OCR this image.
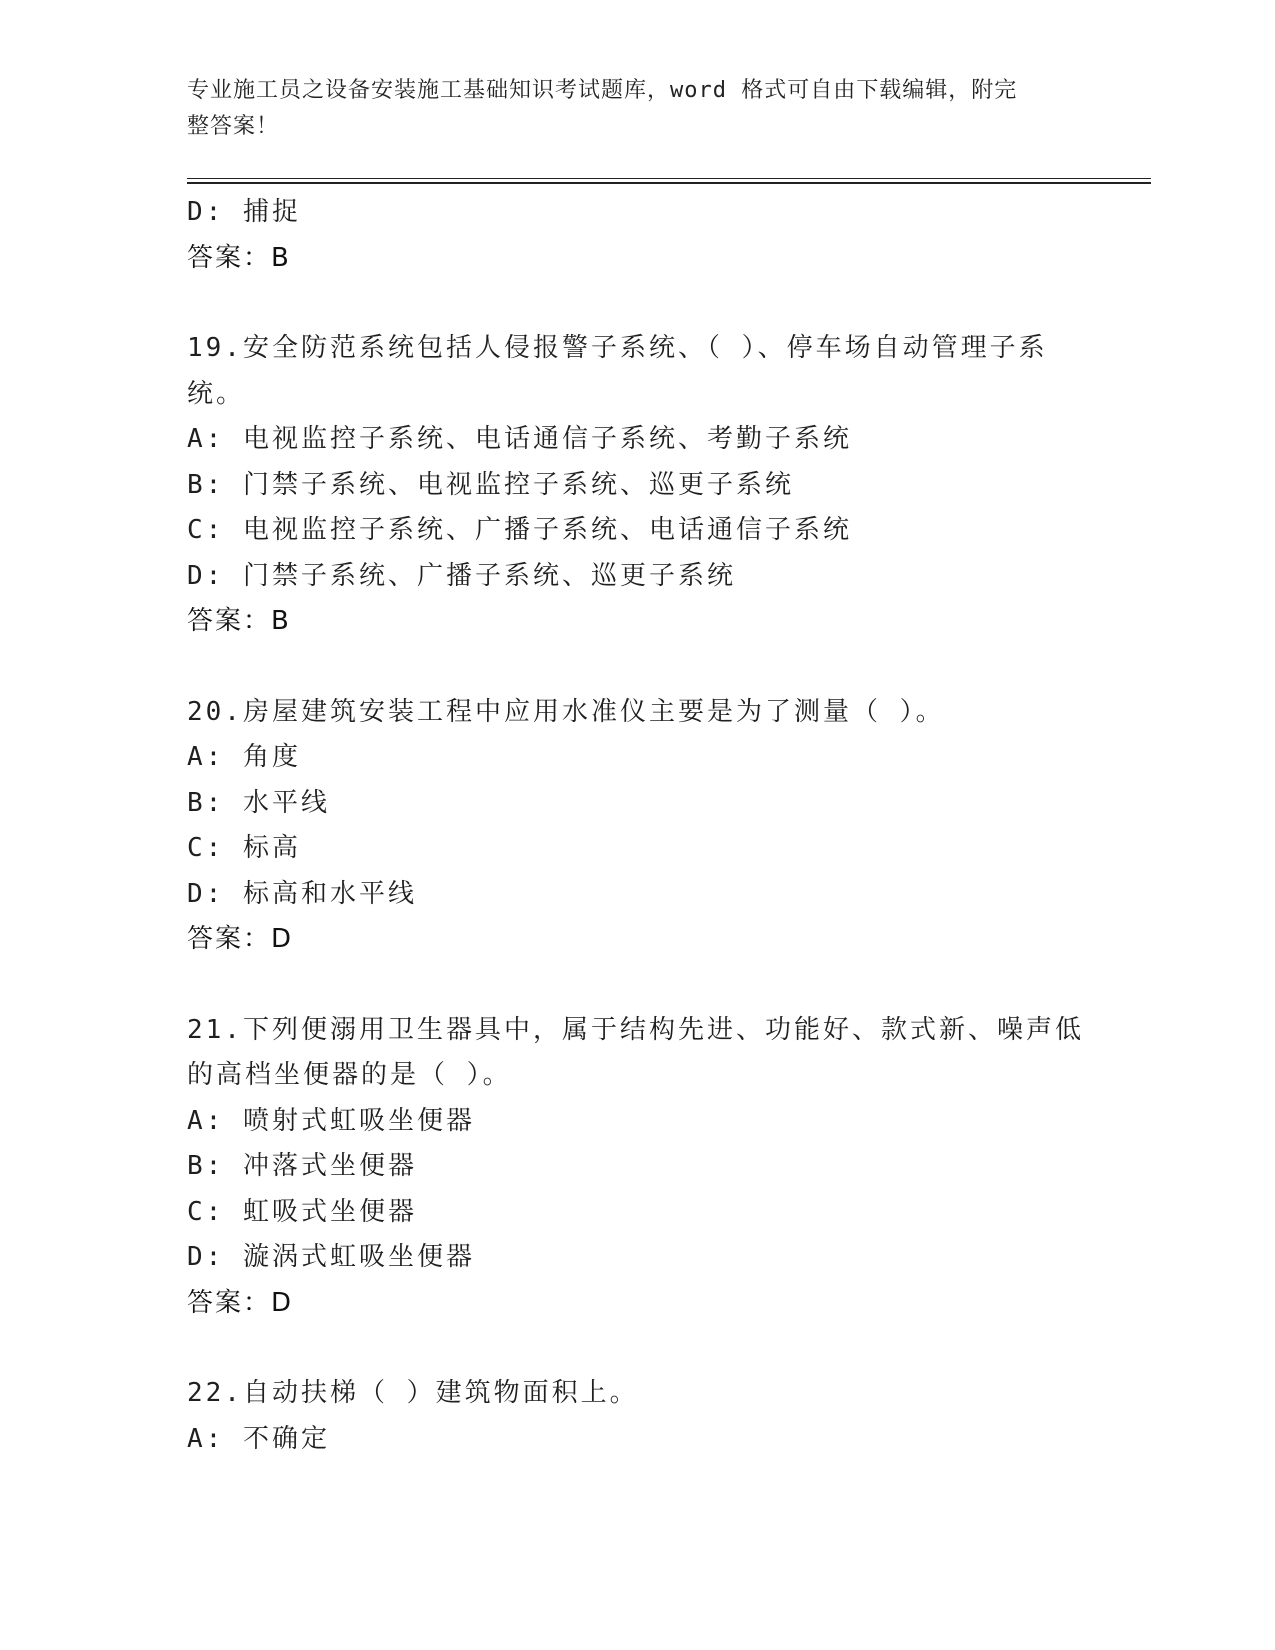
专业施工员之设备安装施工基础知识考试题库，word 格式可自由下载编辑，附完
整答案！
D: 捕捉
答案：B
19.安全防范系统包括人侵报警子系统、（ ）、停车场自动管理子系
统。
A: 电视监控子系统、电话通信子系统、考勤子系统
B: 门禁子系统、电视监控子系统、巡更子系统
C: 电视监控子系统、广播子系统、电话通信子系统
D: 门禁子系统、广播子系统、巡更子系统
答案：B
20.房屋建筑安装工程中应用水准仪主要是为了测量（ ）。
A: 角度
B: 水平线
C: 标高
D: 标高和水平线
答案：D
21.下列便溺用卫生器具中，属于结构先进、功能好、款式新、噪声低
的高档坐便器的是（ ）。
A: 喷射式虹吸坐便器
B: 冲落式坐便器
C: 虹吸式坐便器
D: 漩涡式虹吸坐便器
答案：D
22.自动扶梯（ ）建筑物面积上。
A: 不确定
